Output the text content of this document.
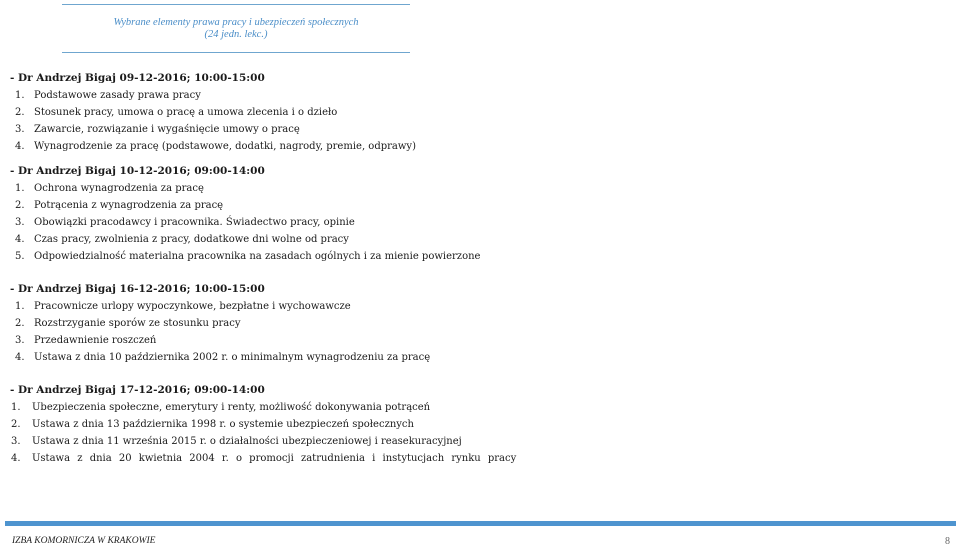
Wybrane elementy prawa pracy i ubezpieczeń społecznych
(24 jedn. lekc.)
- Dr Andrzej Bigaj 09-12-2016; 10:00-15:00
1. Podstawowe zasady prawa pracy
2. Stosunek pracy, umowa o pracę a umowa zlecenia i o dzieło
3. Zawarcie, rozwiązanie i wygaśnięcie umowy o pracę
4. Wynagrodzenie za pracę (podstawowe, dodatki, nagrody, premie, odprawy)
- Dr Andrzej Bigaj 10-12-2016; 09:00-14:00
1. Ochrona wynagrodzenia za pracę
2. Potrącenia z wynagrodzenia za pracę
3. Obowiązki pracodawcy i pracownika. Świadectwo pracy, opinie
4. Czas pracy, zwolnienia z pracy, dodatkowe dni wolne od pracy
5. Odpowiedzialność materialna pracownika na zasadach ogólnych i za mienie powierzone
- Dr Andrzej Bigaj 16-12-2016; 10:00-15:00
1. Pracownicze urlopy wypoczynkowe, bezpłatne i wychowawcze
2. Rozstrzyganie sporów ze stosunku pracy
3. Przedawnienie roszczeń
4. Ustawa z dnia 10 października 2002 r. o minimalnym wynagrodzeniu za pracę
- Dr Andrzej Bigaj 17-12-2016; 09:00-14:00
1. Ubezpieczenia społeczne, emerytury i renty, możliwość dokonywania potrąceń
2. Ustawa z dnia 13 października 1998 r. o systemie ubezpieczeń społecznych
3. Ustawa z dnia 11 września 2015 r. o działalności ubezpieczeniowej i reasekuracyjnej
4. Ustawa z dnia 20 kwietnia 2004 r. o promocji zatrudnienia i instytucjach rynku pracy
IZBA KOMORNICZA W KRAKOWIE	8
